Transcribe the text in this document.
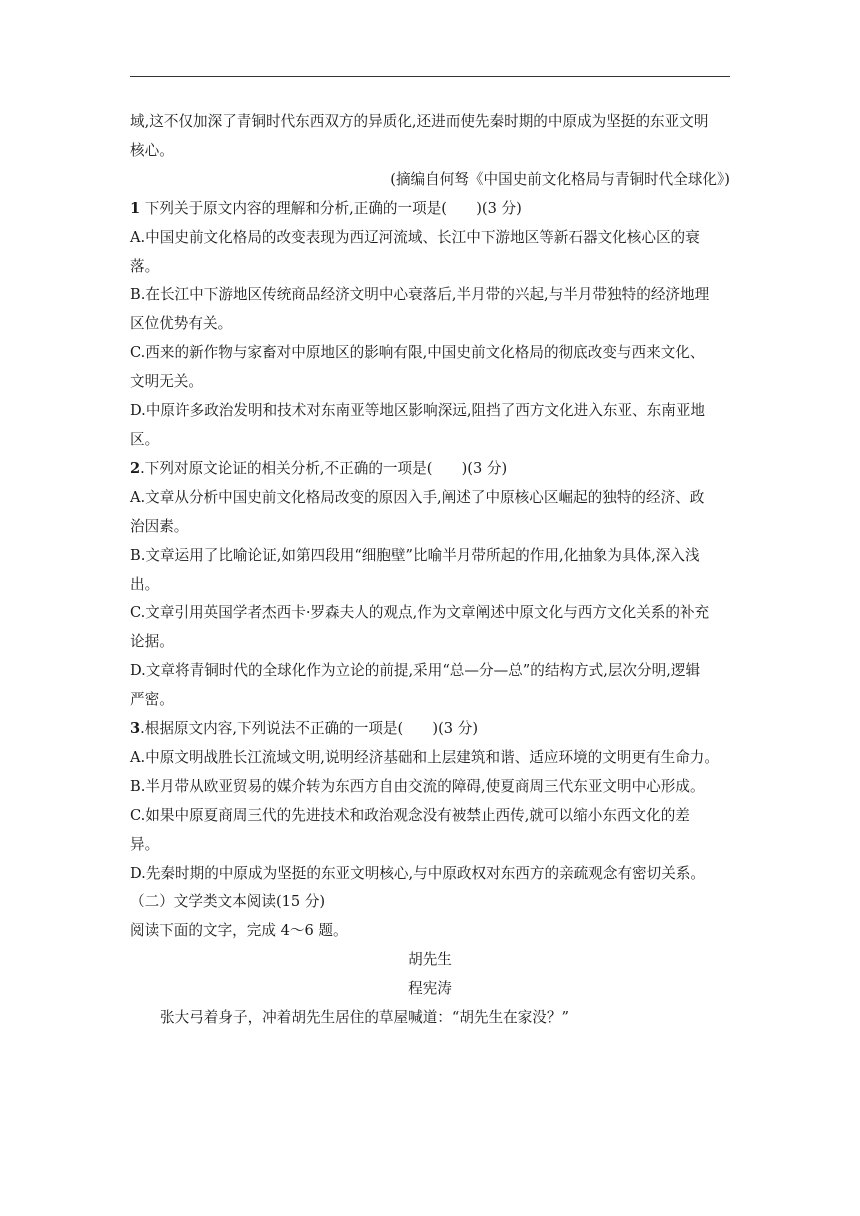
域,这不仅加深了青铜时代东西双方的异质化,还进而使先秦时期的中原成为坚挺的东亚文明
核心。
(摘编自何驽《中国史前文化格局与青铜时代全球化》)
1 下列关于原文内容的理解和分析,正确的一项是(　　)(3 分)
A.中国史前文化格局的改变表现为西辽河流域、长江中下游地区等新石器文化核心区的衰
落。
B.在长江中下游地区传统商品经济文明中心衰落后,半月带的兴起,与半月带独特的经济地理
区位优势有关。
C.西来的新作物与家畜对中原地区的影响有限,中国史前文化格局的彻底改变与西来文化、
文明无关。
D.中原许多政治发明和技术对东南亚等地区影响深远,阻挡了西方文化进入东亚、东南亚地
区。
2.下列对原文论证的相关分析,不正确的一项是(　　)(3 分)
A.文章从分析中国史前文化格局改变的原因入手,阐述了中原核心区崛起的独特的经济、政
治因素。
B.文章运用了比喻论证,如第四段用“细胞壁”比喻半月带所起的作用,化抽象为具体,深入浅
出。
C.文章引用英国学者杰西卡·罗森夫人的观点,作为文章阐述中原文化与西方文化关系的补充
论据。
D.文章将青铜时代的全球化作为立论的前提,采用“总—分—总”的结构方式,层次分明,逻辑
严密。
3.根据原文内容,下列说法不正确的一项是(　　)(3 分)
A.中原文明战胜长江流域文明,说明经济基础和上层建筑和谐、适应环境的文明更有生命力。
B.半月带从欧亚贸易的媒介转为东西方自由交流的障碍,使夏商周三代东亚文明中心形成。
C.如果中原夏商周三代的先进技术和政治观念没有被禁止西传,就可以缩小东西文化的差
异。
D.先秦时期的中原成为坚挺的东亚文明核心,与中原政权对东西方的亲疏观念有密切关系。
（二）文学类文本阅读(15 分)
阅读下面的文字，完成 4～6 题。
胡先生
程宪涛
张大弓着身子，冲着胡先生居住的草屋喊道：“胡先生在家没？”
